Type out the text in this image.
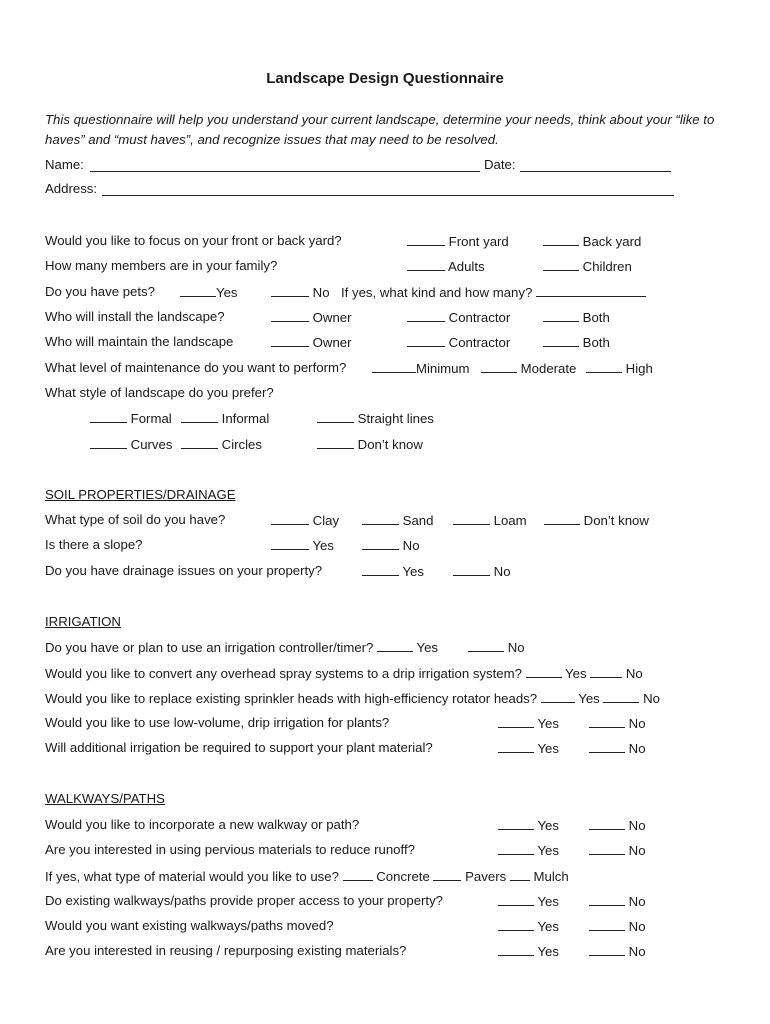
Landscape Design Questionnaire
This questionnaire will help you understand your current landscape, determine your needs, think about your “like to haves” and “must haves”, and recognize issues that may need to be resolved.
Name:	Date:
Address:
Would you like to focus on your front or back yard?	Front yard	Back yard
How many members are in your family?	Adults	Children
Do you have pets?	Yes	No If yes, what kind and how many?
Who will install the landscape?	Owner	Contractor	Both
Who will maintain the landscape	Owner	Contractor	Both
What level of maintenance do you want to perform?	Minimum	Moderate	High
What style of landscape do you prefer?
Formal	Informal	Straight lines
Curves	Circles	Don’t know
SOIL PROPERTIES/DRAINAGE
What type of soil do you have?	Clay	Sand	Loam	Don’t know
Is there a slope?	Yes	No
Do you have drainage issues on your property?	Yes	No
IRRIGATION
Do you have or plan to use an irrigation controller/timer?	Yes	No
Would you like to convert any overhead spray systems to a drip irrigation system?	Yes	No
Would you like to replace existing sprinkler heads with high-efficiency rotator heads?	Yes	No
Would you like to use low-volume, drip irrigation for plants?	Yes	No
Will additional irrigation be required to support your plant material?	Yes	No
WALKWAYS/PATHS
Would you like to incorporate a new walkway or path?	Yes	No
Are you interested in using pervious materials to reduce runoff?	Yes	No
If yes, what type of material would you like to use?	Concrete	Pavers Mulch
Do existing walkways/paths provide proper access to your property?	Yes	No
Would you want existing walkways/paths moved?	Yes	No
Are you interested in reusing / repurposing existing materials?	Yes	No
